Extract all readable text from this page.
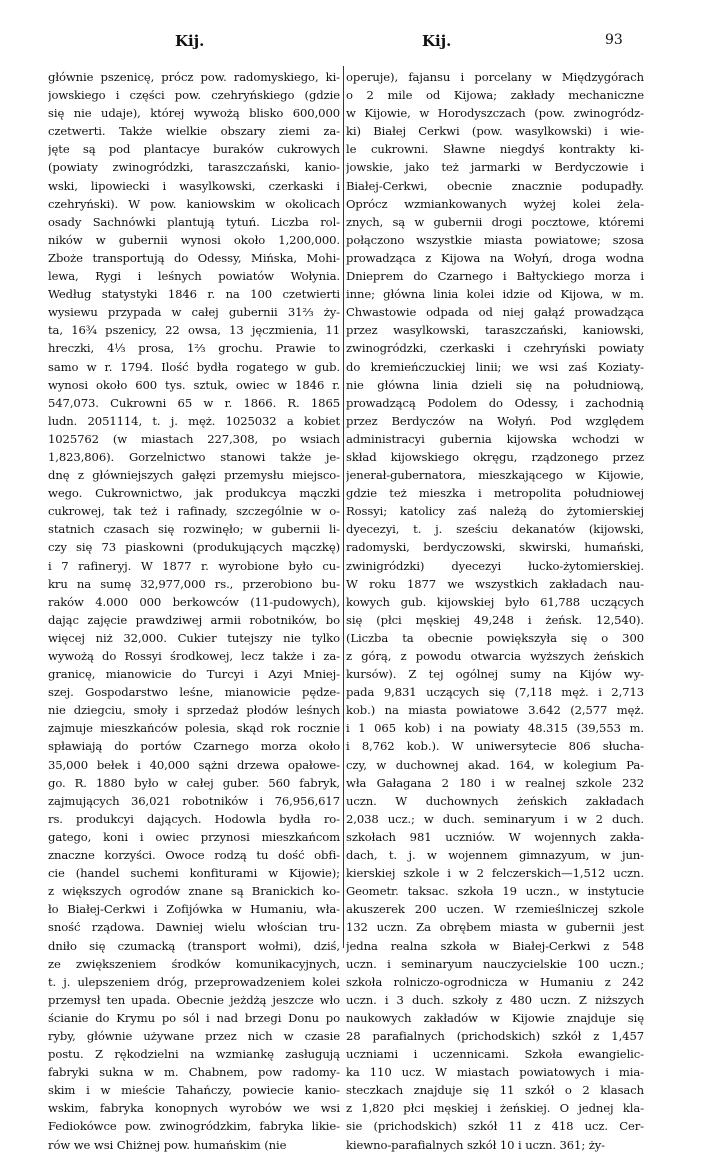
Kij.	Kij.	93
głównie pszenicę, prócz pow. radomyskiego, ki-
jowskiego i części pow. czehryńskiego (gdzie
się nie udaje), której wywożą blisko 600,000
czetwerti. Także wielkie obszary ziemi za-
jęte są pod plantacye buraków cukrowych
(powiaty zwinogródzki, taraszczański, kanio-
wski, lipowiecki i wasylkowski, czerkaski i
czehryński). W pow. kaniowskim w okolicach
osady Sachnówki plantują tytuń. Liczba rol-
ników w gubernii wynosi około 1,200,000.
Zboże transportują do Odessy, Mińska, Mohi-
lewa, Rygi i leśnych powiatów Wołynia.
Według statystyki 1846 r. na 100 czetwierti
wysiewu przypada w całej gubernii 31⅔ ży-
ta, 16¾ pszenicy, 22 owsa, 13 jęczmienia, 11
hreczki, 4⅓ prosa, 1⅔ grochu. Prawie to
samo w r. 1794. Ilość bydła rogatego w gub.
wynosi około 600 tys. sztuk, owiec w 1846 r.
547,073. Cukrowni 65 w r. 1866. R. 1865
ludn. 2051114, t. j. męż. 1025032 a kobiet
1025762 (w miastach 227,308, po wsiach
1,823,806). Gorzelnictwo stanowi także je-
dnę z główniejszych gałęzi przemysłu miejsco-
wego. Cukrownictwo, jak produkcya mączki
cukrowej, tak też i rafinady, szczególnie w o-
statnich czasach się rozwinęło; w gubernii li-
czy się 73 piaskowni (produkujących mączkę)
i 7 rafineryj. W 1877 r. wyrobione było cu-
kru na sumę 32,977,000 rs., przerobiono bu-
raków 4.000 000 berkowców (11-pudowych),
dając zajęcie prawdziwej armii robotników, bo
więcej niż 32,000. Cukier tutejszy nie tylko
wywożą do Rossyi środkowej, lecz także i za-
granicę, mianowicie do Turcyi i Azyi Mniej-
szej. Gospodarstwo leśne, mianowicie pędze-
nie dziegciu, smoły i sprzedaż płodów leśnych
zajmuje mieszkańców polesia, skąd rok rocznie
spławiają do portów Czarnego morza około
35,000 bełek i 40,000 sążni drzewa opałowe-
go. R. 1880 było w całej guber. 560 fabryk,
zajmujących 36,021 robotników i 76,956,617
rs. produkcyi dających. Hodowla bydła ro-
gatego, koni i owiec przynosi mieszkańcom
znaczne korzyści. Owoce rodzą tu dość obfi-
cie (handel suchemi konfiturami w Kijowie);
z większych ogrodów znane są Branickich ko-
ło Białej-Cerkwi i Zofijówka w Humaniu, wła-
sność rządowa. Dawniej wielu włościan tru-
dniło się czumacką (transport wołmi), dziś,
ze zwiększeniem środków komunikacyjnych,
t. j. ulepszeniem dróg, przeprowadzeniem kolei
przemysł ten upada. Obecnie jeżdżą jeszcze wło
ścianie do Krymu po sól i nad brzegi Donu po
ryby, głównie używane przez nich w czasie
postu. Z rękodzielni na wzmiankę zasługują
fabryki sukna w m. Chabnem, pow radomy-
skim i w mieście Tahańczy, powiecie kanio-
wskim, fabryka konopnych wyrobów we wsi
Fediokówce pow. zwinogródzkim, fabryka likie-
rów we wsi Chiżnej pow. humańskim (nie
operuje), fajansu i porcelany w Międzygórach
o 2 mile od Kijowa; zakłady mechaniczne
w Kijowie, w Horodyszczach (pow. zwinogródz-
ki) Białej Cerkwi (pow. wasylkowski) i wie-
le cukrowni. Sławne niegdyś kontrakty ki-
jowskie, jako też jarmarki w Berdyczowie i
Białej-Cerkwi, obecnie znacznie podupadły.
Oprócz wzmiankowanych wyżej kolei żela-
znych, są w gubernii drogi pocztowe, któremi
połączono wszystkie miasta powiatowe; szosa
prowadząca z Kijowa na Wołyń, droga wodna
Dnieprem do Czarnego i Bałtyckiego morza i
inne; główna linia kolei idzie od Kijowa, w m.
Chwastowie odpada od niej gałąź prowadząca
przez wasylkowski, taraszczański, kaniowski,
zwinogródzki, czerkaski i czehryński powiaty
do kremieńczuckiej linii; we wsi zaś Koziaty-
nie główna linia dzieli się na południową,
prowadzącą Podolem do Odessy, i zachodnią
przez Berdyczów na Wołyń. Pod względem
administracyi gubernia kijowska wchodzi w
skład kijowskiego okręgu, rządzonego przez
jenerał-gubernatora, mieszkającego w Kijowie,
gdzie też mieszka i metropolita południowej
Rossyi; katolicy zaś należą do żytomierskiej
dyecezyi, t. j. sześciu dekanatów (kijowski,
radomyski, berdyczowski, skwirski, humański,
zwinigródzki) dyecezyi łucko-żytomierskiej.
W roku 1877 we wszystkich zakładach nau-
kowych gub. kijowskiej było 61,788 uczących
się (płci męskiej 49,248 i żeńsk. 12,540).
(Liczba ta obecnie powiększyła się o 300
z górą, z powodu otwarcia wyższych żeńskich
kursów). Z tej ogólnej sumy na Kijów wy-
pada 9,831 uczących się (7,118 męż. i 2,713
kob.) na miasta powiatowe 3.642 (2,577 męż.
i 1 065 kob) i na powiaty 48.315 (39,553 m.
i 8,762 kob.). W uniwersytecie 806 słucha-
czy, w duchownej akad. 164, w kolegium Pa-
wła Gałagana 2 180 i w realnej szkole 232
uczn. W duchownych żeńskich zakładach
2,038 ucz.; w duch. seminaryum i w 2 duch.
szkołach 981 uczniów. W wojennych zakła-
dach, t. j. w wojennem gimnazyum, w jun-
kierskiej szkole i w 2 felczerskich—1,512 uczn.
Geometr. taksac. szkoła 19 uczn., w instytucie
akuszerek 200 uczen. W rzemieślniczej szkole
132 uczn. Za obrębem miasta w gubernii jest
jedna realna szkoła w Białej-Cerkwi z 548
uczn. i seminaryum nauczycielskie 100 uczn.;
szkoła rolniczo-ogrodnicza w Humaniu z 242
uczn. i 3 duch. szkoły z 480 uczn. Z niższych
naukowych zakładów w Kijowie znajduje się
28 parafialnych (prichodskich) szkół z 1,457
uczniami i uczennicami. Szkoła ewangielic-
ka 110 ucz. W miastach powiatowych i mia-
steczkach znajduje się 11 szkół o 2 klasach
z 1,820 płci męskiej i żeńskiej. O jednej kla-
sie (prichodskich) szkół 11 z 418 ucz. Cer-
kiewno-parafialnych szkół 10 i uczn. 361; ży-
